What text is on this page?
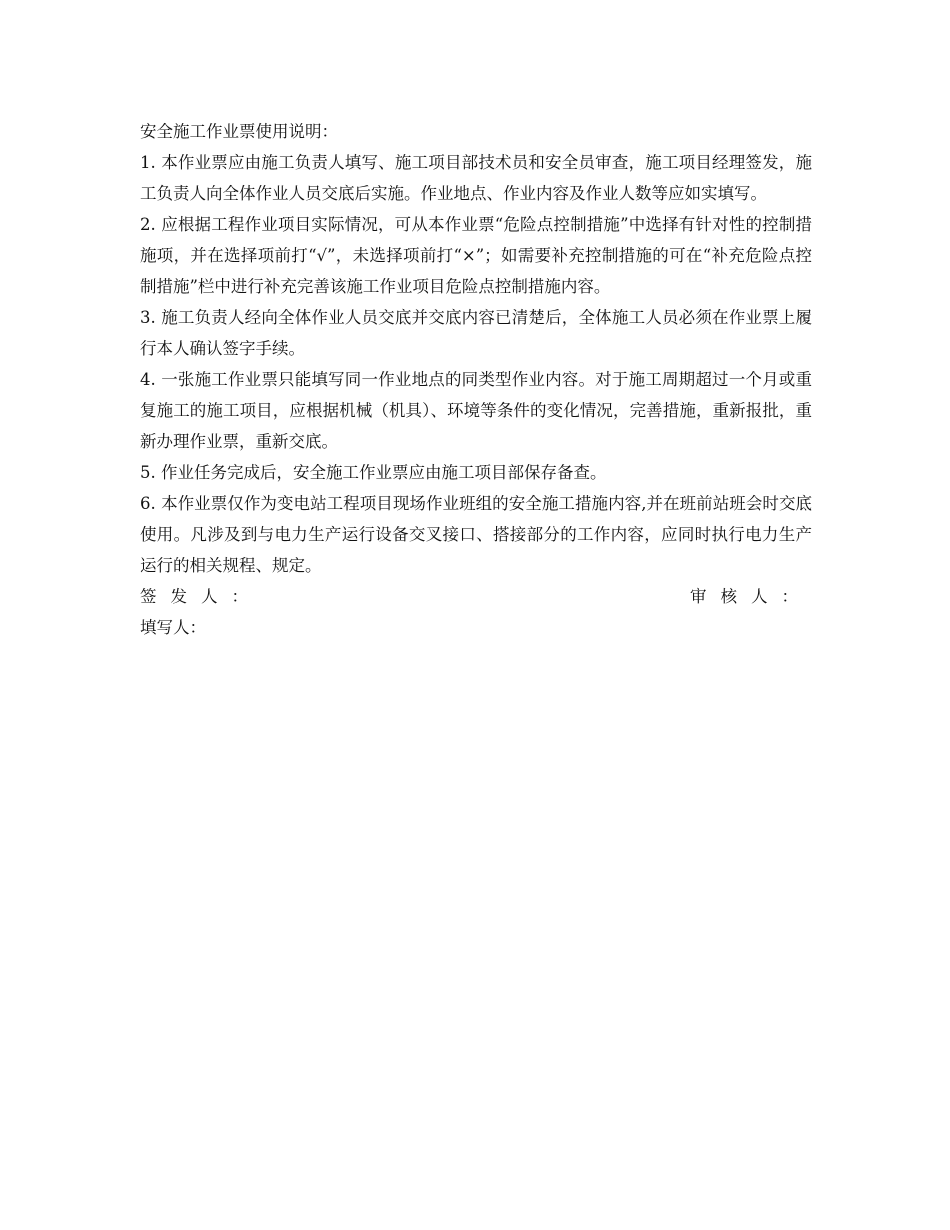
安全施工作业票使用说明：

1. 本作业票应由施工负责人填写、施工项目部技术员和安全员审查，施工项目经理签发，施工负责人向全体作业人员交底后实施。作业地点、作业内容及作业人数等应如实填写。

2. 应根据工程作业项目实际情况，可从本作业票“危险点控制措施”中选择有针对性的控制措施项，并在选择项前打“√”，未选择项前打“×”；如需要补充控制措施的可在“补充危险点控制措施”栏中进行补充完善该施工作业项目危险点控制措施内容。

3. 施工负责人经向全体作业人员交底并交底内容已清楚后，全体施工人员必须在作业票上履行本人确认签字手续。

4. 一张施工作业票只能填写同一作业地点的同类型作业内容。对于施工周期超过一个月或重复施工的施工项目，应根据机械（机具）、环境等条件的变化情况，完善措施，重新报批，重新办理作业票，重新交底。

5. 作业任务完成后，安全施工作业票应由施工项目部保存备查。

6. 本作业票仅作为变电站工程项目现场作业班组的安全施工措施内容,并在班前站班会时交底使用。凡涉及到与电力生产运行设备交叉接口、搭接部分的工作内容，应同时执行电力生产运行的相关规程、规定。

签发人：	审核人：

填写人：
